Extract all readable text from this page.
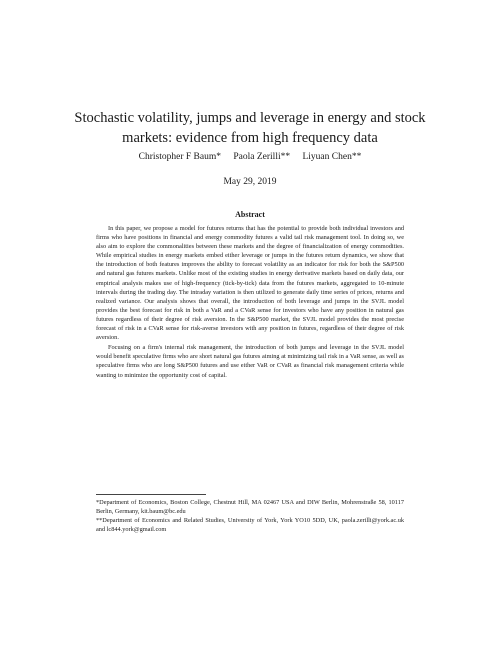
Stochastic volatility, jumps and leverage in energy and stock markets: evidence from high frequency data
Christopher F Baum* Paola Zerilli** Liyuan Chen**
May 29, 2019
Abstract

In this paper, we propose a model for futures returns that has the potential to provide both individual investors and firms who have positions in financial and energy commodity futures a valid tail risk management tool. In doing so, we also aim to explore the commonalities between these markets and the degree of financialization of energy commodities. While empirical studies in energy markets embed either leverage or jumps in the futures return dynamics, we show that the introduction of both features improves the ability to forecast volatility as an indicator for risk for both the S&P500 and natural gas futures markets. Unlike most of the existing studies in energy derivative markets based on daily data, our empirical analysis makes use of high-frequency (tick-by-tick) data from the futures markets, aggregated to 10-minute intervals during the trading day. The intraday variation is then utilized to generate daily time series of prices, returns and realized variance. Our analysis shows that overall, the introduction of both leverage and jumps in the SVJL model provides the best forecast for risk in both a VaR and a CVaR sense for investors who have any position in natural gas futures regardless of their degree of risk aversion. In the S&P500 market, the SVJL model provides the most precise forecast of risk in a CVaR sense for risk-averse investors with any position in futures, regardless of their degree of risk aversion.

Focusing on a firm's internal risk management, the introduction of both jumps and leverage in the SVJL model would benefit speculative firms who are short natural gas futures aiming at minimizing tail risk in a VaR sense, as well as speculative firms who are long S&P500 futures and use either VaR or CVaR as financial risk management criteria while wanting to minimize the opportunity cost of capital.

*Department of Economics, Boston College, Chestnut Hill, MA 02467 USA and DIW Berlin, Mohrenstraße 58, 10117 Berlin, Germany, kit.baum@bc.edu

**Department of Economics and Related Studies, University of York, York YO10 5DD, UK, paola.zerilli@york.ac.uk and lc844.york@gmail.com
